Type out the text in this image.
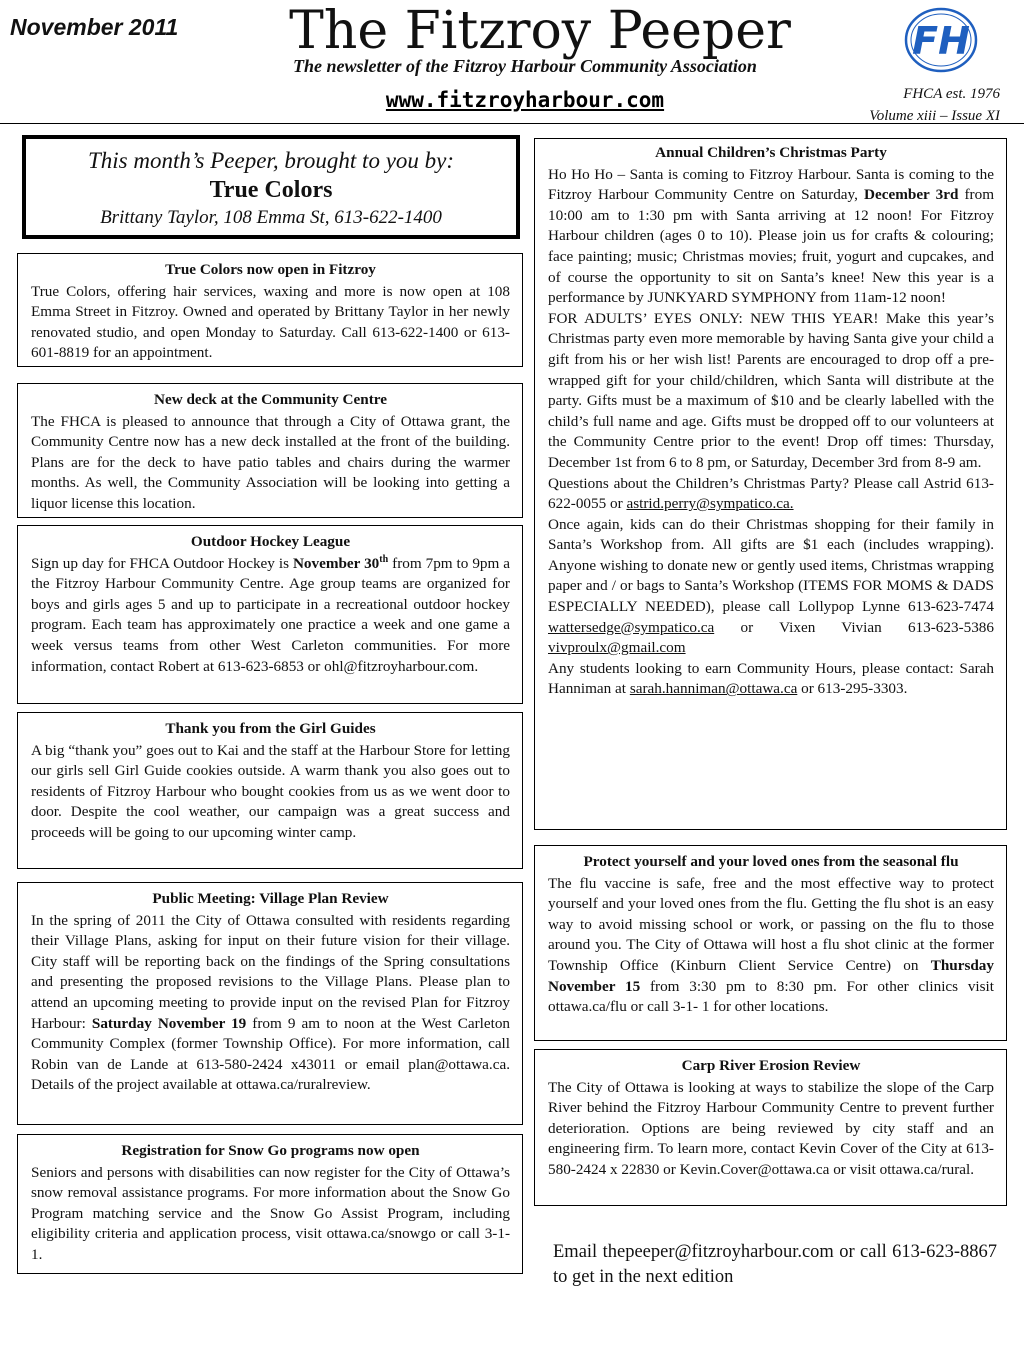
November 2011	The Fitzroy Peeper
The newsletter of the Fitzroy Harbour Community Association
www.fitzroyharbour.com
FH
FHCA est. 1976
Volume xiii – Issue XI
This month’s Peeper, brought to you by:
True Colors
Brittany Taylor, 108 Emma St, 613-622-1400
True Colors now open in Fitzroy

True Colors, offering hair services, waxing and more is now open at 108 Emma Street in Fitzroy. Owned and operated by Brittany Taylor in her newly renovated studio, and open Monday to Saturday. Call 613-622-1400 or 613-601-8819 for an appointment.

New deck at the Community Centre

The FHCA is pleased to announce that through a City of Ottawa grant, the Community Centre now has a new deck installed at the front of the building. Plans are for the deck to have patio tables and chairs during the warmer months. As well, the Community Association will be looking into getting a liquor license this location.

Outdoor Hockey League

Sign up day for FHCA Outdoor Hockey is November 30th from 7pm to 9pm a the Fitzroy Harbour Community Centre. Age group teams are organized for boys and girls ages 5 and up to participate in a recreational outdoor hockey program. Each team has approximately one practice a week and one game a week versus teams from other West Carleton communities. For more information, contact Robert at 613-623-6853 or ohl@fitzroyharbour.com.

Thank you from the Girl Guides

A big “thank you” goes out to Kai and the staff at the Harbour Store for letting our girls sell Girl Guide cookies outside. A warm thank you also goes out to residents of Fitzroy Harbour who bought cookies from us as we went door to door. Despite the cool weather, our campaign was a great success and proceeds will be going to our upcoming winter camp.

Public Meeting: Village Plan Review

In the spring of 2011 the City of Ottawa consulted with residents regarding their Village Plans, asking for input on their future vision for their village. City staff will be reporting back on the findings of the Spring consultations and presenting the proposed revisions to the Village Plans. Please plan to attend an upcoming meeting to provide input on the revised Plan for Fitzroy Harbour: Saturday November 19 from 9 am to noon at the West Carleton Community Complex (former Township Office). For more information, call Robin van de Lande at 613-580-2424 x43011 or email plan@ottawa.ca. Details of the project available at ottawa.ca/ruralreview.

Registration for Snow Go programs now open

Seniors and persons with disabilities can now register for the City of Ottawa’s snow removal assistance programs. For more information about the Snow Go Program matching service and the Snow Go Assist Program, including eligibility criteria and application process, visit ottawa.ca/snowgo or call 3-1-1.

Annual Children’s Christmas Party

Ho Ho Ho – Santa is coming to Fitzroy Harbour. Santa is coming to the Fitzroy Harbour Community Centre on Saturday, December 3rd from 10:00 am to 1:30 pm with Santa arriving at 12 noon! For Fitzroy Harbour children (ages 0 to 10). Please join us for crafts & colouring; face painting; music; Christmas movies; fruit, yogurt and cupcakes, and of course the opportunity to sit on Santa’s knee! New this year is a performance by JUNKYARD SYMPHONY from 11am-12 noon!

FOR ADULTS’ EYES ONLY: NEW THIS YEAR! Make this year’s Christmas party even more memorable by having Santa give your child a gift from his or her wish list! Parents are encouraged to drop off a pre-wrapped gift for your child/children, which Santa will distribute at the party. Gifts must be a maximum of $10 and be clearly labelled with the child’s full name and age. Gifts must be dropped off to our volunteers at the Community Centre prior to the event! Drop off times: Thursday, December 1st from 6 to 8 pm, or Saturday, December 3rd from 8-9 am.

Questions about the Children’s Christmas Party? Please call Astrid 613-622-0055 or astrid.perry@sympatico.ca.

Once again, kids can do their Christmas shopping for their family in Santa’s Workshop from. All gifts are $1 each (includes wrapping). Anyone wishing to donate new or gently used items, Christmas wrapping paper and / or bags to Santa’s Workshop (ITEMS FOR MOMS & DADS ESPECIALLY NEEDED), please call Lollypop Lynne 613-623-7474 wattersedge@sympatico.ca or Vixen Vivian 613-623-5386 vivproulx@gmail.com

Any students looking to earn Community Hours, please contact: Sarah Hanniman at sarah.hanniman@ottawa.ca or 613-295-3303.

Protect yourself and your loved ones from the seasonal flu

The flu vaccine is safe, free and the most effective way to protect yourself and your loved ones from the flu. Getting the flu shot is an easy way to avoid missing school or work, or passing on the flu to those around you. The City of Ottawa will host a flu shot clinic at the former Township Office (Kinburn Client Service Centre) on Thursday November 15 from 3:30 pm to 8:30 pm. For other clinics visit ottawa.ca/flu or call 3-1- 1 for other locations.

Carp River Erosion Review

The City of Ottawa is looking at ways to stabilize the slope of the Carp River behind the Fitzroy Harbour Community Centre to prevent further deterioration. Options are being reviewed by city staff and an engineering firm. To learn more, contact Kevin Cover of the City at 613-580-2424 x 22830 or Kevin.Cover@ottawa.ca or visit ottawa.ca/rural.

Email thepeeper@fitzroyharbour.com or call 613-623-8867 to get in the next edition
